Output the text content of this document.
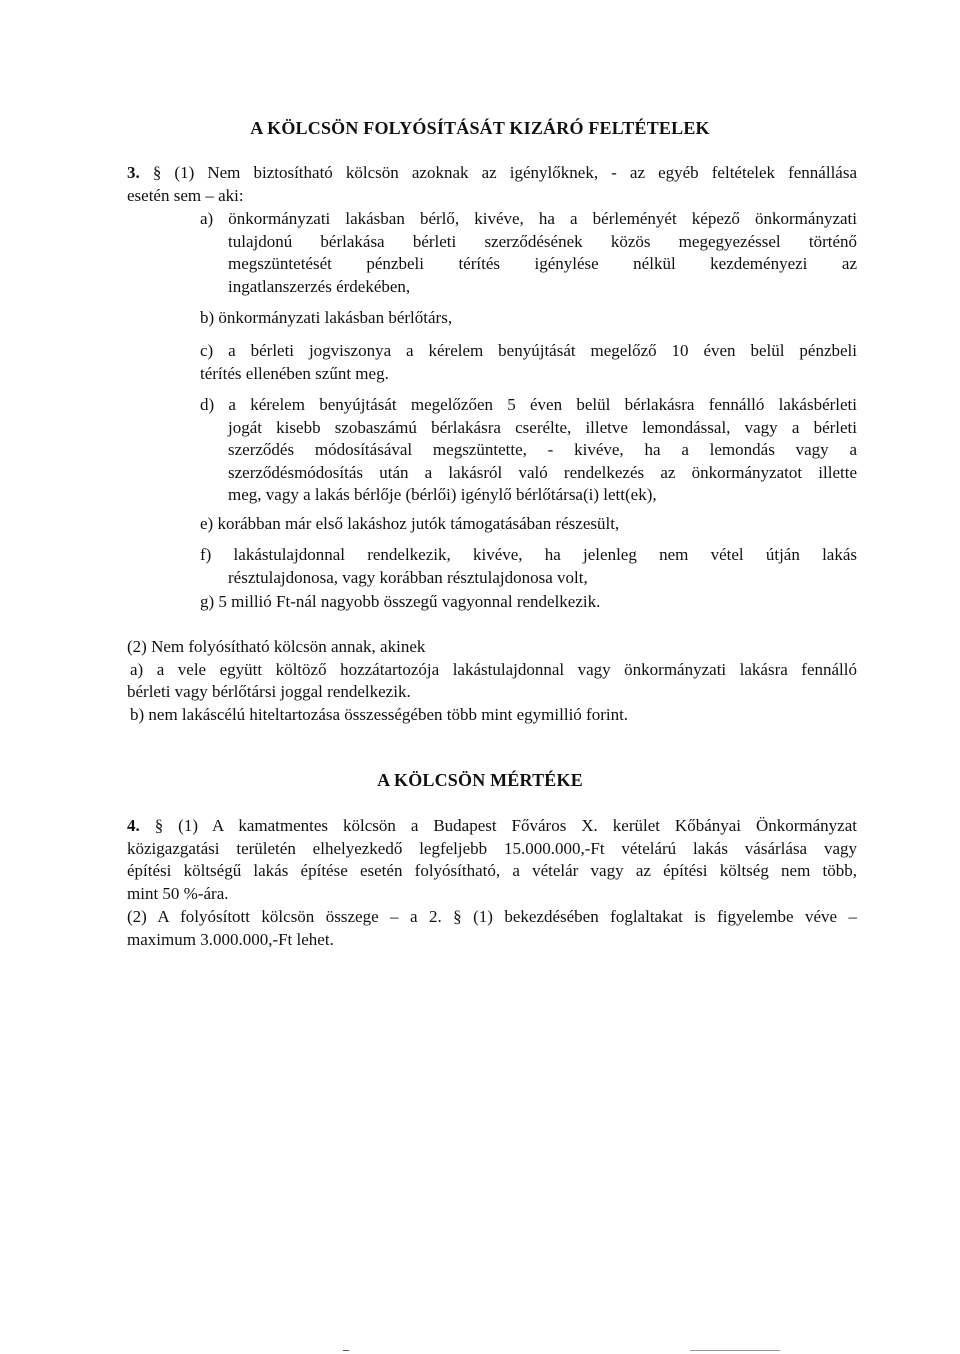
A KÖLCSÖN FOLYÓSÍTÁSÁT KIZÁRÓ FELTÉTELEK
3. § (1) Nem biztosítható kölcsön azoknak az igénylőknek, - az egyéb feltételek fennállása
esetén sem – aki:
a) önkormányzati lakásban bérlő, kivéve, ha a bérleményét képező önkormányzati
tulajdonú bérlakása bérleti szerződésének közös megegyezéssel történő
megszüntetését pénzbeli térítés igénylése nélkül kezdeményezi az
ingatlanszerzés érdekében,
b) önkormányzati lakásban bérlőtárs,
c) a bérleti jogviszonya a kérelem benyújtását megelőző 10 éven belül pénzbeli
térítés ellenében szűnt meg.
d) a kérelem benyújtását megelőzően 5 éven belül bérlakásra fennálló lakásbérleti
jogát kisebb szobaszámú bérlakásra cserélte, illetve lemondással, vagy a bérleti
szerződés módosításával megszüntette, - kivéve, ha a lemondás vagy a
szerződésmódosítás után a lakásról való rendelkezés az önkormányzatot illette
meg, vagy a lakás bérlője (bérlői) igénylő bérlőtársa(i) lett(ek),
e) korábban már első lakáshoz jutók támogatásában részesült,
f) lakástulajdonnal rendelkezik, kivéve, ha jelenleg nem vétel útján lakás
résztulajdonosa, vagy korábban résztulajdonosa volt,
g) 5 millió Ft-nál nagyobb összegű vagyonnal rendelkezik.
(2) Nem folyósítható kölcsön annak, akinek
a) a vele együtt költöző hozzátartozója lakástulajdonnal vagy önkormányzati lakásra fennálló
bérleti vagy bérlőtársi joggal rendelkezik.
b) nem lakáscélú hiteltartozása összességében több mint egymillió forint.
A KÖLCSÖN MÉRTÉKE
4. § (1) A kamatmentes kölcsön a Budapest Főváros X. kerület Kőbányai Önkormányzat
közigazgatási területén elhelyezkedő legfeljebb 15.000.000,-Ft vételárú lakás vásárlása vagy
építési költségű lakás építése esetén folyósítható, a vételár vagy az építési költség nem több,
mint 50 %-ára.
(2) A folyósított kölcsön összege – a 2. § (1) bekezdésében foglaltakat is figyelembe véve –
maximum 3.000.000,-Ft lehet.
